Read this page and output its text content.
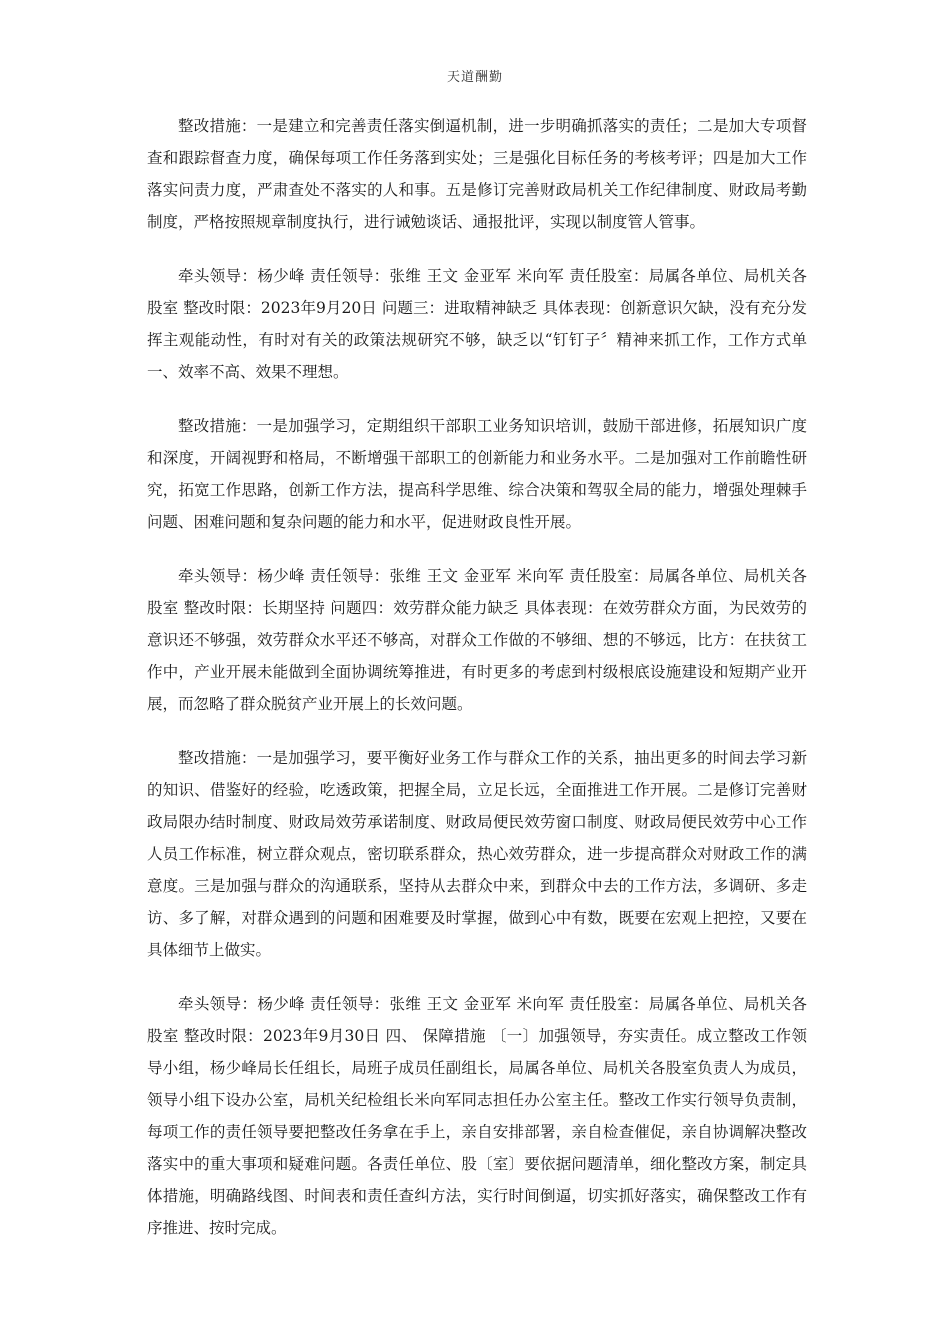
天道酬勤

整改措施：一是建立和完善责任落实倒逼机制，进一步明确抓落实的责任；二是加大专项督查和跟踪督查力度，确保每项工作任务落到实处；三是强化目标任务的考核考评；四是加大工作落实问责力度，严肃查处不落实的人和事。五是修订完善财政局机关工作纪律制度、财政局考勤制度，严格按照规章制度执行，进行诫勉谈话、通报批评，实现以制度管人管事。

牵头领导：杨少峰 责任领导：张维 王文 金亚军 米向军 责任股室：局属各单位、局机关各股室 整改时限：2023年9月20日 问题三：进取精神缺乏 具体表现：创新意识欠缺，没有充分发挥主观能动性，有时对有关的政策法规研究不够，缺乏以“钉钉子〞精神来抓工作，工作方式单一、效率不高、效果不理想。

整改措施：一是加强学习，定期组织干部职工业务知识培训，鼓励干部进修，拓展知识广度和深度，开阔视野和格局，不断增强干部职工的创新能力和业务水平。二是加强对工作前瞻性研究，拓宽工作思路，创新工作方法，提高科学思维、综合决策和驾驭全局的能力，增强处理棘手问题、困难问题和复杂问题的能力和水平，促进财政良性开展。

牵头领导：杨少峰 责任领导：张维 王文 金亚军 米向军 责任股室：局属各单位、局机关各股室 整改时限：长期坚持 问题四：效劳群众能力缺乏 具体表现：在效劳群众方面，为民效劳的意识还不够强，效劳群众水平还不够高，对群众工作做的不够细、想的不够远，比方：在扶贫工作中，产业开展未能做到全面协调统筹推进，有时更多的考虑到村级根底设施建设和短期产业开展，而忽略了群众脱贫产业开展上的长效问题。

整改措施：一是加强学习，要平衡好业务工作与群众工作的关系，抽出更多的时间去学习新的知识、借鉴好的经验，吃透政策，把握全局，立足长远，全面推进工作开展。二是修订完善财政局限办结时制度、财政局效劳承诺制度、财政局便民效劳窗口制度、财政局便民效劳中心工作人员工作标准，树立群众观点，密切联系群众，热心效劳群众，进一步提高群众对财政工作的满意度。三是加强与群众的沟通联系，坚持从去群众中来，到群众中去的工作方法，多调研、多走访、多了解，对群众遇到的问题和困难要及时掌握，做到心中有数，既要在宏观上把控，又要在具体细节上做实。

牵头领导：杨少峰 责任领导：张维 王文 金亚军 米向军 责任股室：局属各单位、局机关各股室 整改时限：2023年9月30日 四、 保障措施 〔一〕加强领导，夯实责任。成立整改工作领导小组，杨少峰局长任组长，局班子成员任副组长，局属各单位、局机关各股室负责人为成员，领导小组下设办公室，局机关纪检组长米向军同志担任办公室主任。整改工作实行领导负责制，每项工作的责任领导要把整改任务拿在手上，亲自安排部署，亲自检查催促，亲自协调解决整改落实中的重大事项和疑难问题。各责任单位、股〔室〕要依据问题清单，细化整改方案，制定具体措施，明确路线图、时间表和责任查纠方法，实行时间倒逼，切实抓好落实，确保整改工作有序推进、按时完成。
